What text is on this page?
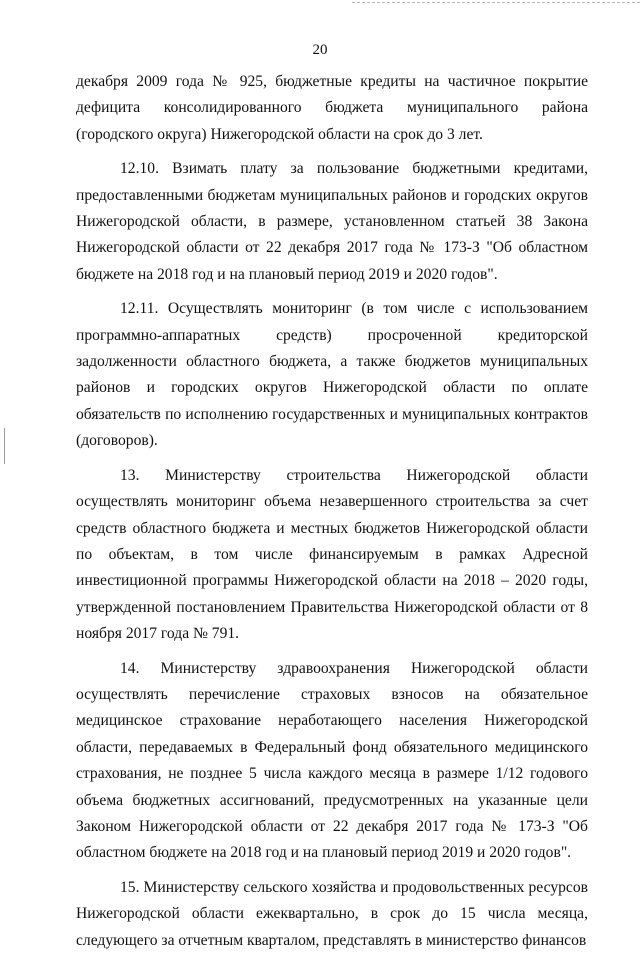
20

декабря 2009 года № 925, бюджетные кредиты на частичное покрытие дефицита консолидированного бюджета муниципального района (городского округа) Нижегородской области на срок до 3 лет.

12.10. Взимать плату за пользование бюджетными кредитами, предоставленными бюджетам муниципальных районов и городских округов Нижегородской области, в размере, установленном статьей 38 Закона Нижегородской области от 22 декабря 2017 года № 173-З "Об областном бюджете на 2018 год и на плановый период 2019 и 2020 годов".

12.11. Осуществлять мониторинг (в том числе с использованием программно-аппаратных средств) просроченной кредиторской задолженности областного бюджета, а также бюджетов муниципальных районов и городских округов Нижегородской области по оплате обязательств по исполнению государственных и муниципальных контрактов (договоров).

13. Министерству строительства Нижегородской области осуществлять мониторинг объема незавершенного строительства за счет средств областного бюджета и местных бюджетов Нижегородской области по объектам, в том числе финансируемым в рамках Адресной инвестиционной программы Нижегородской области на 2018 – 2020 годы, утвержденной постановлением Правительства Нижегородской области от 8 ноября 2017 года № 791.

14. Министерству здравоохранения Нижегородской области осуществлять перечисление страховых взносов на обязательное медицинское страхование неработающего населения Нижегородской области, передаваемых в Федеральный фонд обязательного медицинского страхования, не позднее 5 числа каждого месяца в размере 1/12 годового объема бюджетных ассигнований, предусмотренных на указанные цели Законом Нижегородской области от 22 декабря 2017 года № 173-З "Об областном бюджете на 2018 год и на плановый период 2019 и 2020 годов".

15. Министерству сельского хозяйства и продовольственных ресурсов Нижегородской области ежеквартально, в срок до 15 числа месяца, следующего за отчетным кварталом, представлять в министерство финансов
